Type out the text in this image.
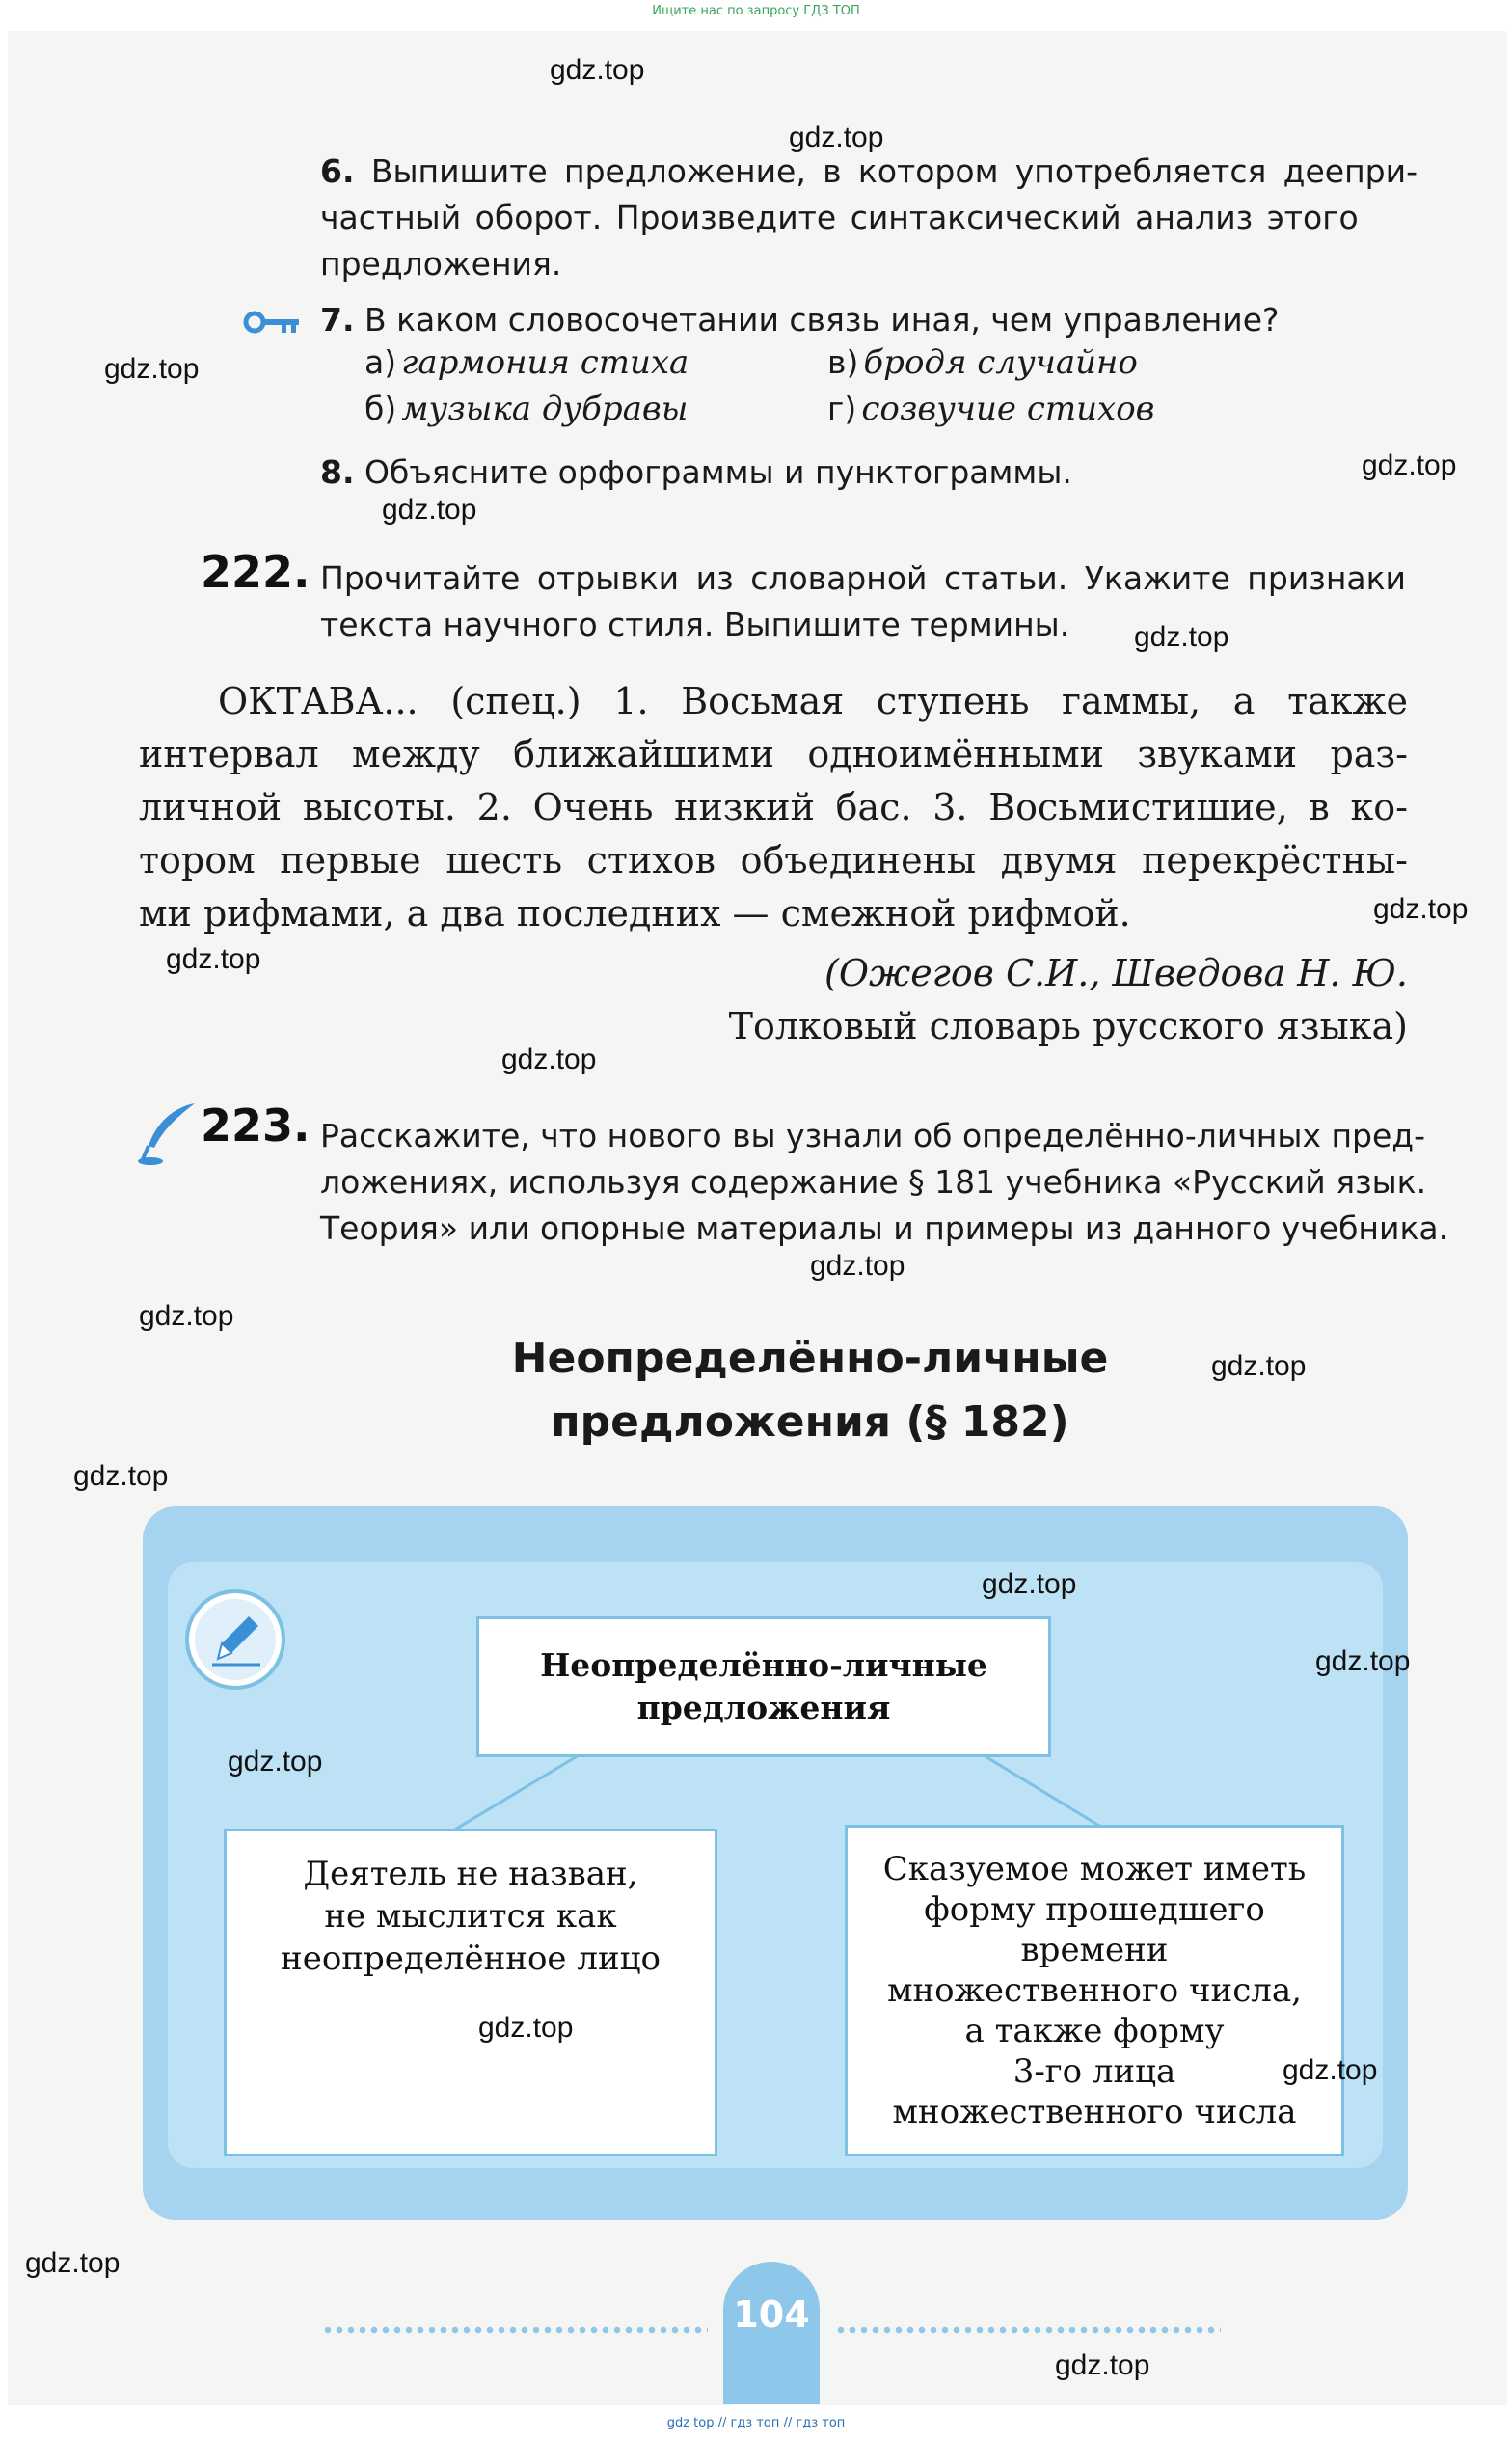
Ищите нас по запросу ГДЗ ТОП
6. Выпишите предложение, в котором употребляется деепри-
частный оборот. Произведите синтаксический анализ этого
предложения.
7. В каком словосочетании связь иная, чем управление?
а) гармония стиха	в) бродя случайно
б) музыка дубравы	г) созвучие стихов
8. Объясните орфограммы и пунктограммы.
222. Прочитайте отрывки из словарной статьи. Укажите признаки
текста научного стиля. Выпишите термины.
ОКТАВА... (спец.) 1. Восьмая ступень гаммы, а также
интервал между ближайшими одноимёнными звуками раз-
личной высоты. 2. Очень низкий бас. 3. Восьмистишие, в ко-
тором первые шесть стихов объединены двумя перекрёстны-
ми рифмами, а два последних — смежной рифмой.
(Ожегов С.И., Шведова Н. Ю.
Толковый словарь русского языка)
223. Расскажите, что нового вы узнали об определённо-личных пред-
ложениях, используя содержание § 181 учебника «Русский язык.
Теория» или опорные материалы и примеры из данного учебника.
Неопределённо-личные
предложения (§ 182)
Неопределённо-личные
предложения
Деятель не назван,
не мыслится как
неопределённое лицо
Сказуемое может иметь
форму прошедшего
времени
множественного числа,
а также форму
3-го лица
множественного числа
104
gdz.top
gdz.top
gdz.top
gdz.top
gdz.top
gdz.top
gdz.top
gdz.top
gdz.top
gdz.top
gdz.top
gdz.top
gdz.top
gdz.top
gdz.top
gdz.top
gdz.top
gdz.top
gdz.top
gdz.top
gdz top // гдз топ // гдз топ
